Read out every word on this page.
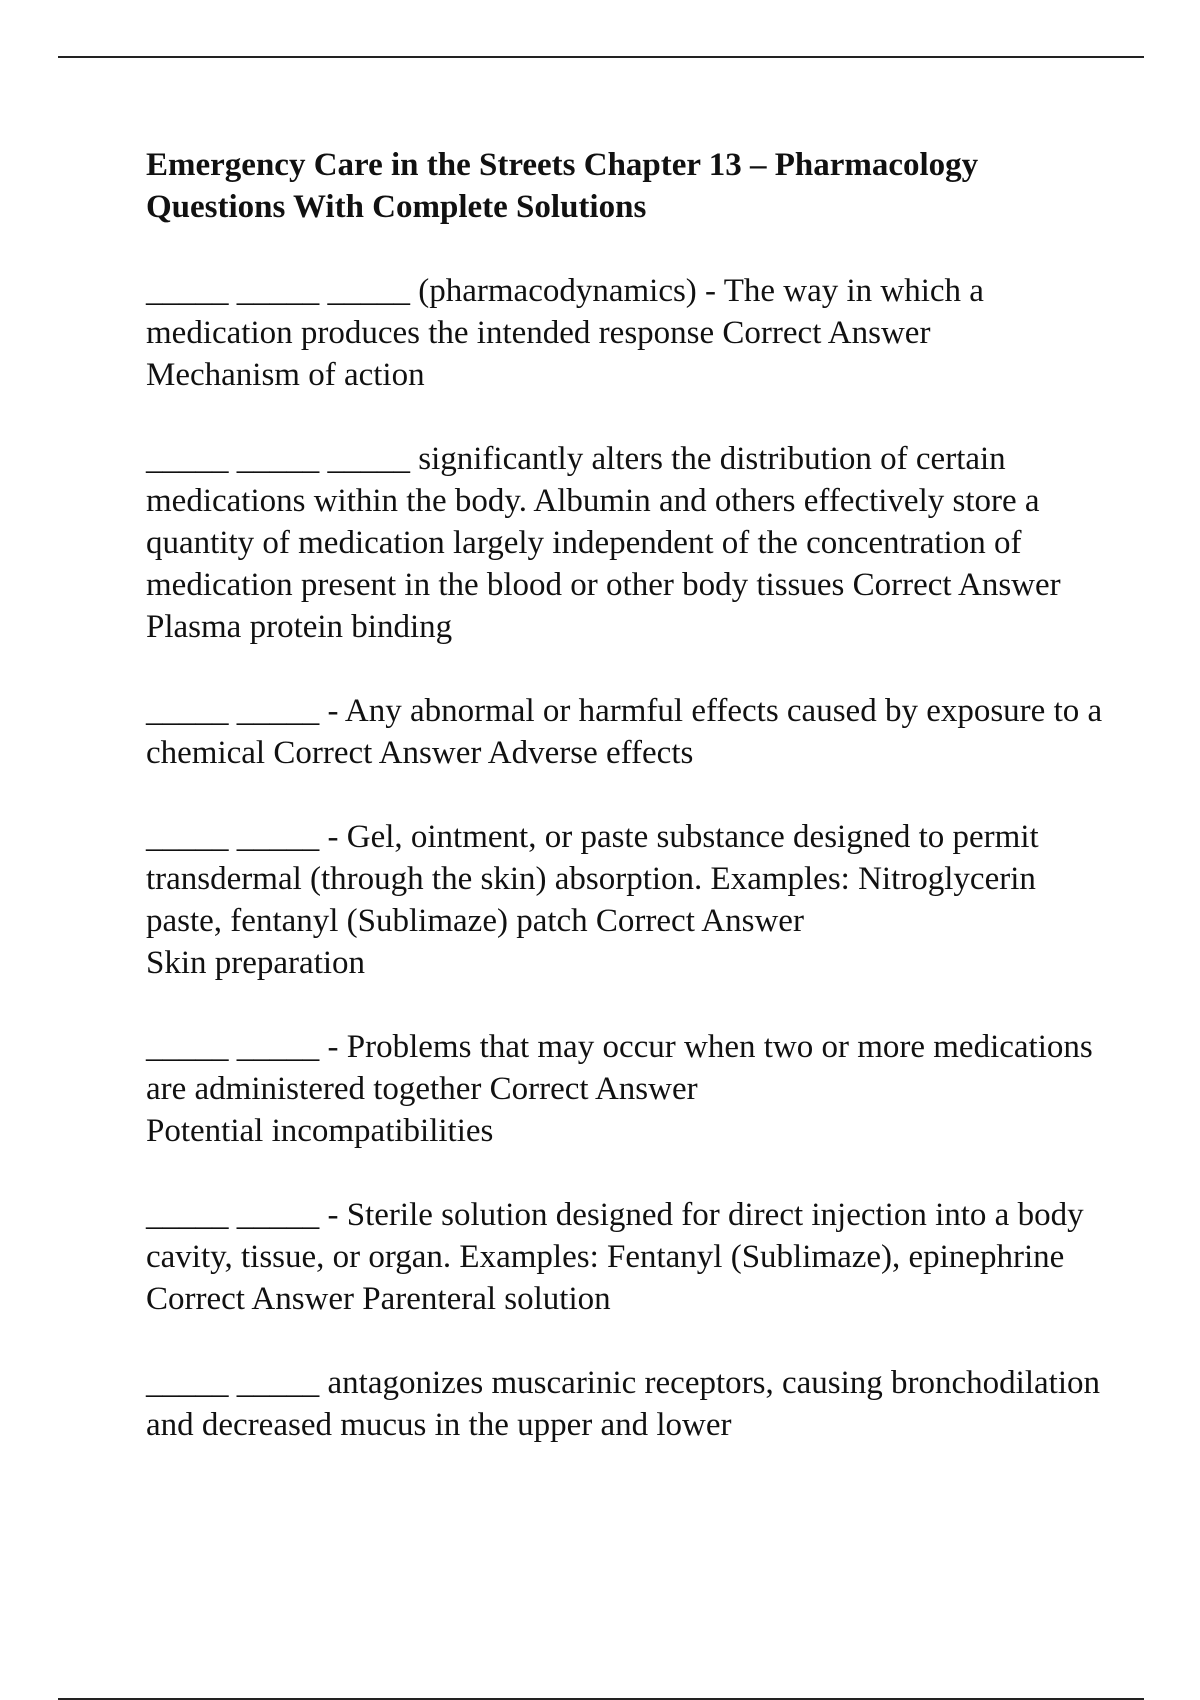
Emergency Care in the Streets Chapter 13 – Pharmacology Questions With Complete Solutions

_____ _____ _____ (pharmacodynamics) - The way in which a medication produces the intended response Correct Answer
Mechanism of action

_____ _____ _____ significantly alters the distribution of certain medications within the body. Albumin and others effectively store a quantity of medication largely independent of the concentration of medication present in the blood or other body tissues Correct Answer Plasma protein binding

_____ _____ - Any abnormal or harmful effects caused by exposure to a chemical Correct Answer Adverse effects

_____ _____ - Gel, ointment, or paste substance designed to permit transdermal (through the skin) absorption. Examples: Nitroglycerin paste, fentanyl (Sublimaze) patch Correct Answer
Skin preparation

_____ _____ - Problems that may occur when two or more medications are administered together Correct Answer
Potential incompatibilities

_____ _____ - Sterile solution designed for direct injection into a body cavity, tissue, or organ. Examples: Fentanyl (Sublimaze), epinephrine Correct Answer Parenteral solution

_____ _____ antagonizes muscarinic receptors, causing bronchodilation and decreased mucus in the upper and lower
